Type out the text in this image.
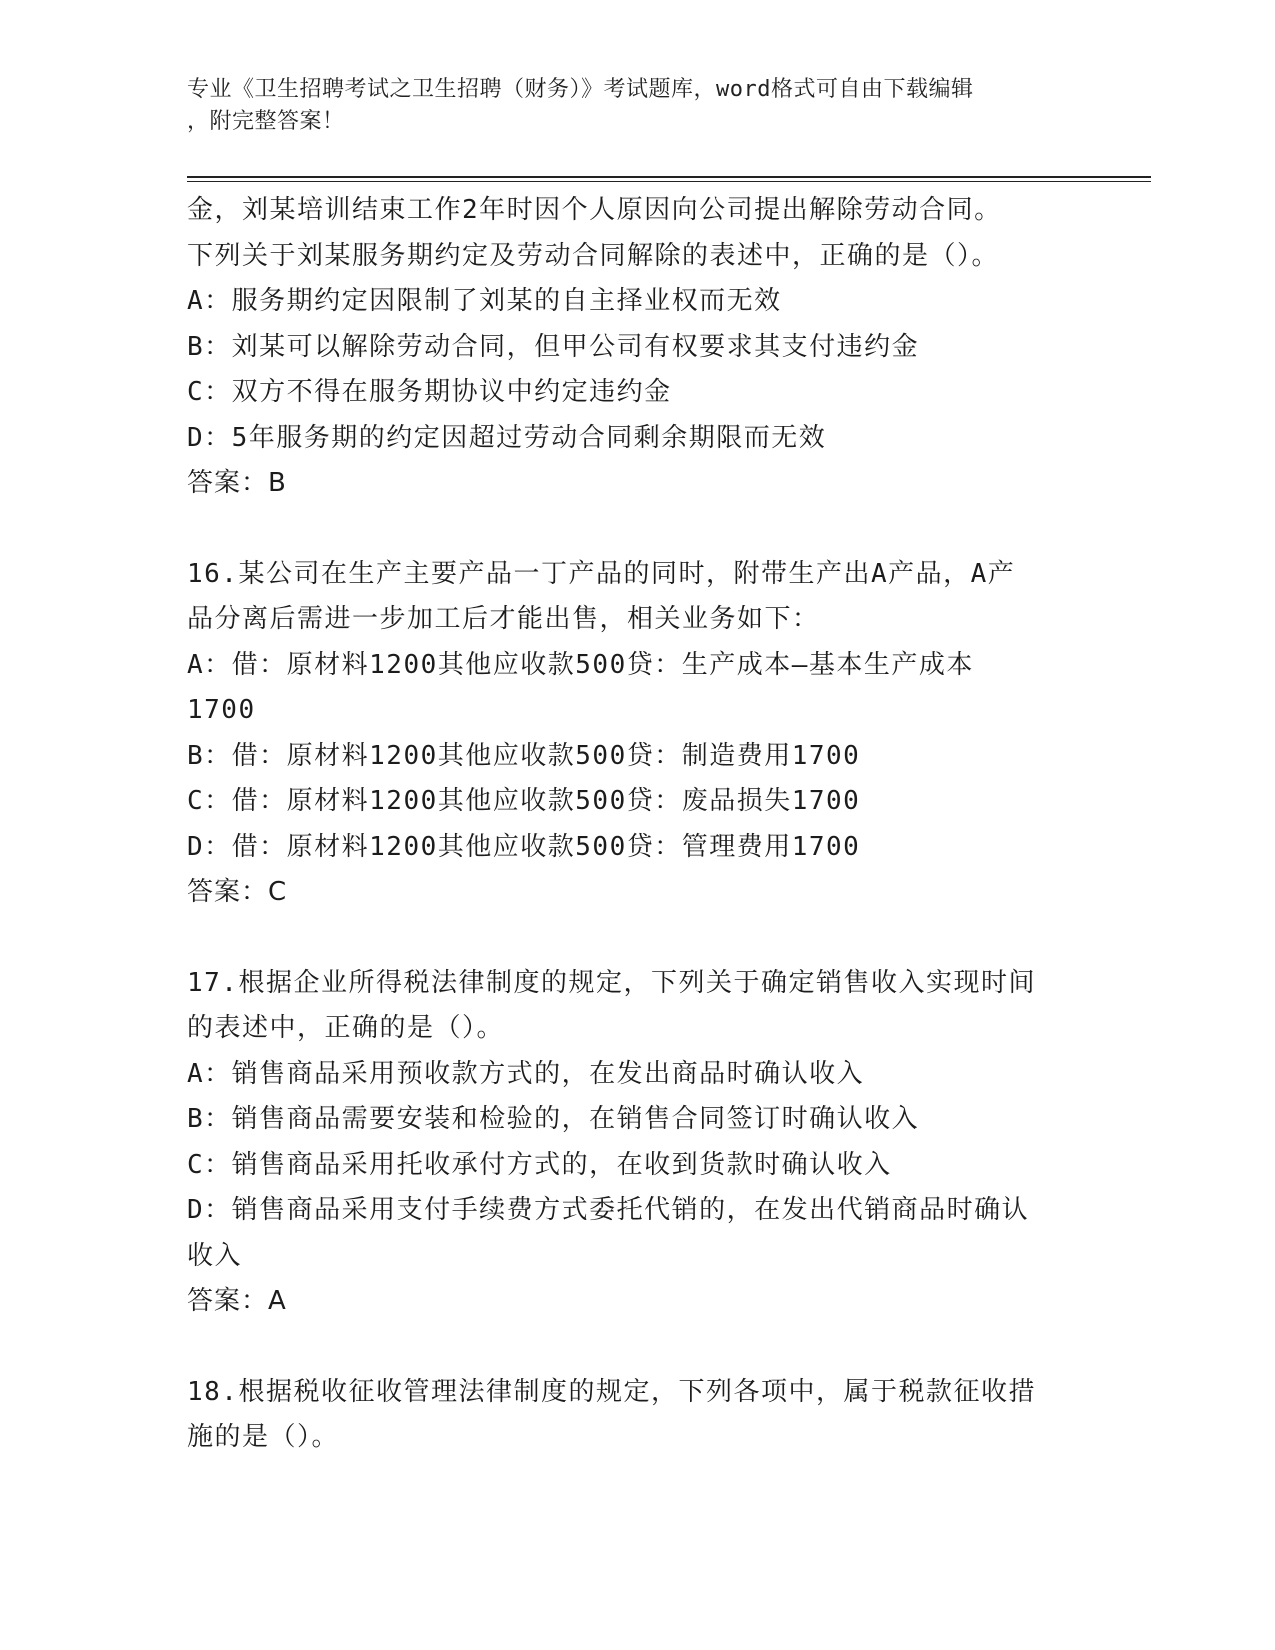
专业《卫生招聘考试之卫生招聘（财务）》考试题库，word格式可自由下载编辑
，附完整答案！
金，刘某培训结束工作2年时因个人原因向公司提出解除劳动合同。
下列关于刘某服务期约定及劳动合同解除的表述中，正确的是（）。
A：服务期约定因限制了刘某的自主择业权而无效
B：刘某可以解除劳动合同，但甲公司有权要求其支付违约金
C：双方不得在服务期协议中约定违约金
D：5年服务期的约定因超过劳动合同剩余期限而无效
答案：B
16.某公司在生产主要产品一丁产品的同时，附带生产出A产品，A产
品分离后需进一步加工后才能出售，相关业务如下：
A：借：原材料1200其他应收款500贷：生产成本—基本生产成本
1700
B：借：原材料1200其他应收款500贷：制造费用1700
C：借：原材料1200其他应收款500贷：废品损失1700
D：借：原材料1200其他应收款500贷：管理费用1700
答案：C
17.根据企业所得税法律制度的规定，下列关于确定销售收入实现时间
的表述中，正确的是（）。
A：销售商品采用预收款方式的，在发出商品时确认收入
B：销售商品需要安装和检验的，在销售合同签订时确认收入
C：销售商品采用托收承付方式的，在收到货款时确认收入
D：销售商品采用支付手续费方式委托代销的，在发出代销商品时确认
收入
答案：A
18.根据税收征收管理法律制度的规定，下列各项中，属于税款征收措
施的是（）。
